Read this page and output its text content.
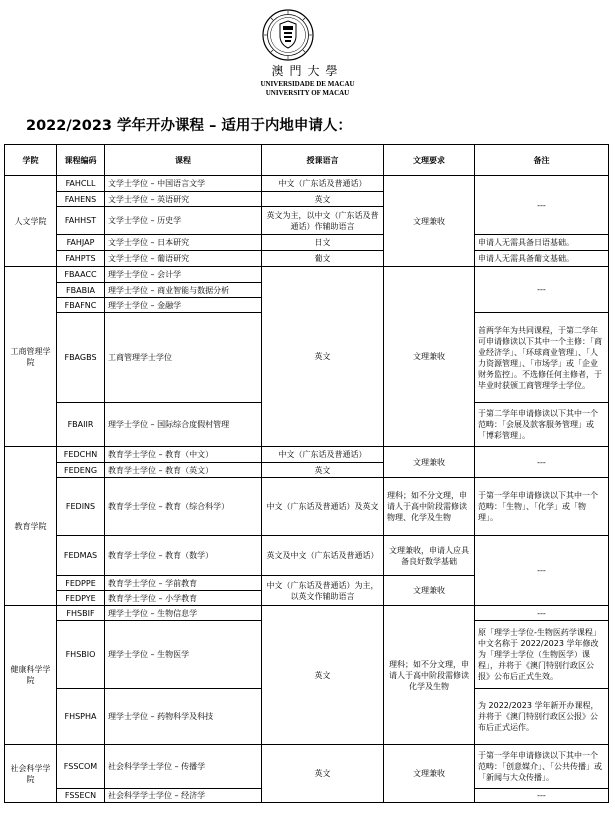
澳門大學
UNIVERSIDADE DE MACAU
UNIVERSITY OF MACAU
2022/2023 学年开办课程 – 适用于内地申请人：
学院	课程编码	课程	授课语言	文理要求	备注
人文学院	FAHCLL	文学士学位 – 中国语言文学	中文（广东话及普通话）	文理兼收	---
	FAHENS	文学士学位 – 英语研究	英文		
	FAHHST	文学士学位 – 历史学	英文为主，以中文（广东话及普通话）作辅助语言		
	FAHJAP	文学士学位 – 日本研究	日文		申请人无需具备日语基础。
	FAHPTS	文学士学位 – 葡语研究	葡文		申请人无需具备葡文基础。
工商管理学院	FBAACC	理学士学位 – 会计学	英文	文理兼收	---
	FBABIA	理学士学位 – 商业智能与数据分析			
	FBAFNC	理学士学位 – 金融学			
	FBAGBS	工商管理学士学位			首两学年为共同课程，于第二学年可申请修读以下其中一个主修：「商业经济学」、「环球商业管理」、「人力资源管理」、「市场学」或「企业财务监控」。不选修任何主修者，于毕业时获颁工商管理学士学位。
	FBAIIR	理学士学位 – 国际综合度假村管理			于第二学年申请修读以下其中一个范畴：「会展及款客服务管理」或「博彩管理」。
教育学院	FEDCHN	教育学士学位 – 教育（中文）	中文（广东话及普通话）	文理兼收	---
	FEDENG	教育学士学位 – 教育（英文）	英文		
	FEDINS	教育学士学位 – 教育（综合科学）	中文（广东话及普通话）及英文	理科；如不分文理，申请人于高中阶段需修读物理、化学及生物	于第一学年申请修读以下其中一个范畴：「生物」、「化学」或「物理」。
	FEDMAS	教育学士学位 – 教育（数学）	英文及中文（广东话及普通话）	文理兼收，申请人应具备良好数学基础	---
	FEDPPE	教育学士学位 – 学前教育	中文（广东话及普通话）为主，以英文作辅助语言	文理兼收	
	FEDPYE	教育学士学位 – 小学教育			
健康科学学院	FHSBIF	理学士学位 – 生物信息学	英文	理科；如不分文理，申请人于高中阶段需修读化学及生物	---
	FHSBIO	理学士学位 – 生物医学			原「理学士学位-生物医药学课程」中文名称于 2022/2023 学年修改为「理学士学位（生物医学）课程」，并将于《澳门特别行政区公报》公布后正式生效。
	FHSPHA	理学士学位 – 药物科学及科技			为 2022/2023 学年新开办课程，并将于《澳门特别行政区公报》公布后正式运作。
社会科学学院	FSSCOM	社会科学学士学位 – 传播学	英文	文理兼收	于第一学年申请修读以下其中一个范畴：「创意媒介」、「公共传播」或「新闻与大众传播」。
	FSSECN	社会科学学士学位 – 经济学			---
